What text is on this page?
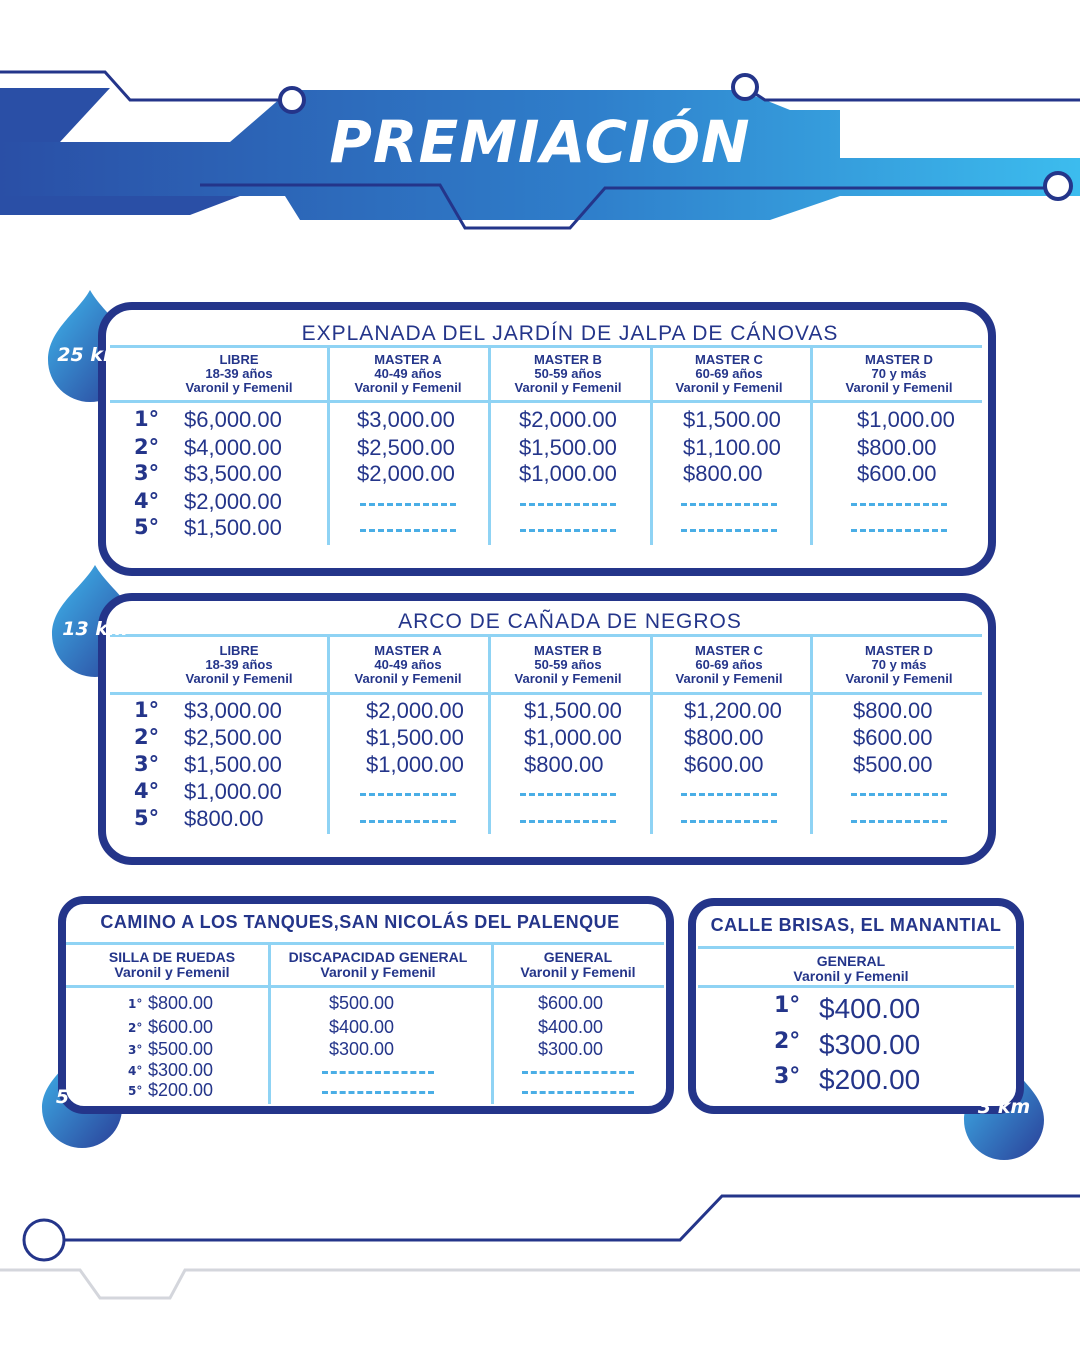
PREMIACIÓN
EXPLANADA DEL JARDÍN DE JALPA DE CÁNOVAS
ARCO DE CAÑADA DE NEGROS
CAMINO A LOS TANQUES,SAN NICOLÁS DEL PALENQUE	CALLE BRISAS, EL MANANTIAL
25 km
13 km
5 km	3 km
LIBRE
18-39 años
Varonil y Femenil
MASTER A
40-49 años
Varonil y Femenil
MASTER B
50-59 años
Varonil y Femenil
MASTER C
60-69 años
Varonil y Femenil
MASTER D
70 y más
Varonil y Femenil
1° $6,000.00	$3,000.00	$2,000.00	$1,500.00	$1,000.00
2° $4,000.00	$2,500.00	$1,500.00	$1,100.00	$800.00
3° $3,500.00	$2,000.00	$1,000.00	$800.00	$600.00
4° $2,000.00
5° $1,500.00
LIBRE
18-39 años
Varonil y Femenil
MASTER A
40-49 años
Varonil y Femenil
MASTER B
50-59 años
Varonil y Femenil
MASTER C
60-69 años
Varonil y Femenil
MASTER D
70 y más
Varonil y Femenil
1° $3,000.00	$2,000.00	$1,500.00	$1,200.00	$800.00
2° $2,500.00	$1,500.00	$1,000.00	$800.00	$600.00
3° $1,500.00	$1,000.00	$800.00	$600.00	$500.00
4° $1,000.00
5° $800.00
SILLA DE RUEDAS
Varonil y Femenil
DISCAPACIDAD GENERAL
Varonil y Femenil
GENERAL
Varonil y Femenil
1° $800.00	$500.00	$600.00
2° $600.00	$400.00	$400.00
3° $500.00	$300.00	$300.00
4° $300.00
5° $200.00
GENERAL
Varonil y Femenil
1° $400.00
2° $300.00
3° $200.00
